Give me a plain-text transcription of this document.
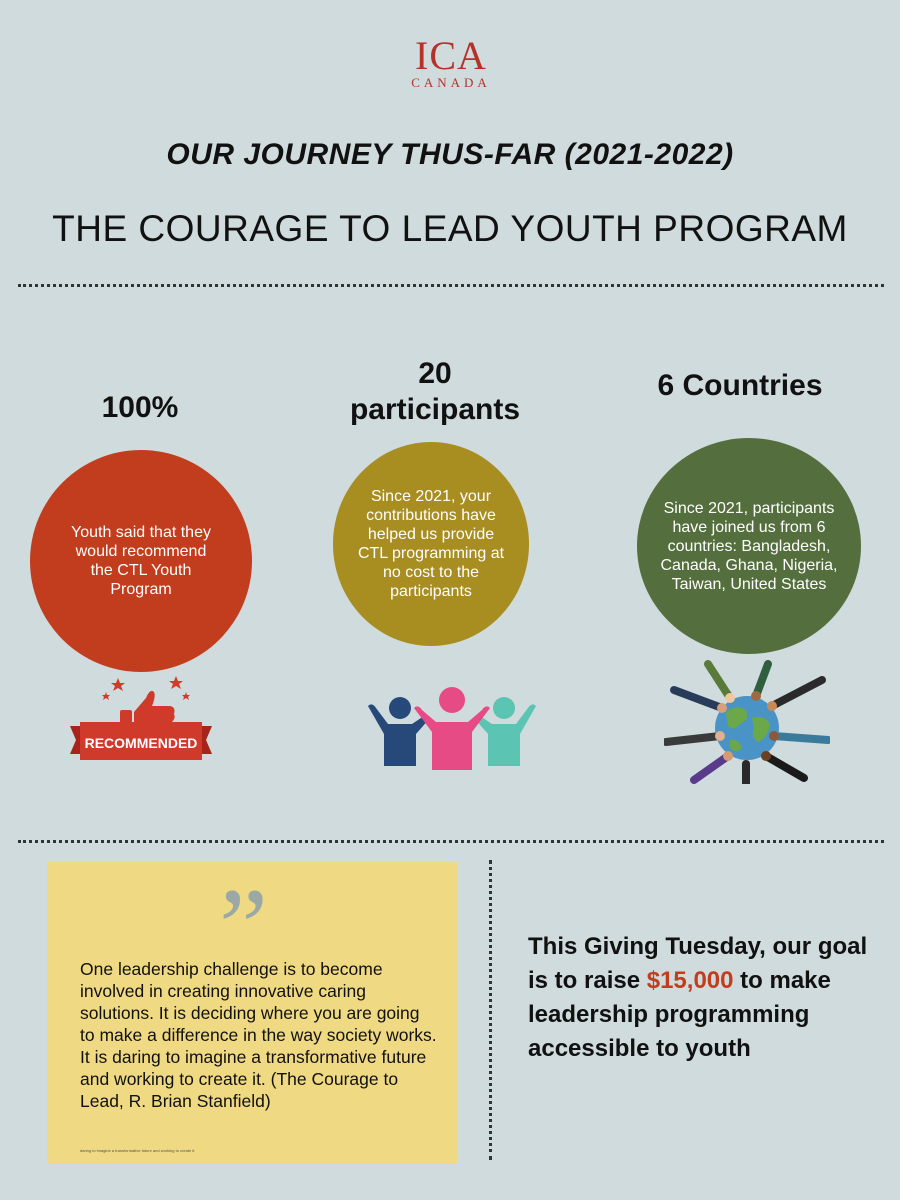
ICA
CANADA
OUR JOURNEY THUS-FAR (2021-2022)
THE COURAGE TO LEAD YOUTH PROGRAM
100%
20
participants
6 Countries
Youth said that they would recommend the CTL Youth Program
Since 2021, your contributions have helped us provide CTL programming at no cost to the participants
Since 2021, participants have joined us from 6 countries: Bangladesh, Canada, Ghana, Nigeria, Taiwan, United States
RECOMMENDED
”
One leadership challenge is to become involved in creating innovative caring solutions. It is deciding where you are going to make a difference in the way society works. It is daring to imagine a transformative future and working to create it. (The Courage to Lead, R. Brian Stanfield)
daring to imagine a transformative future and working to create it.
This Giving Tuesday, our goal is to raise $15,000 to make leadership programming accessible to youth
